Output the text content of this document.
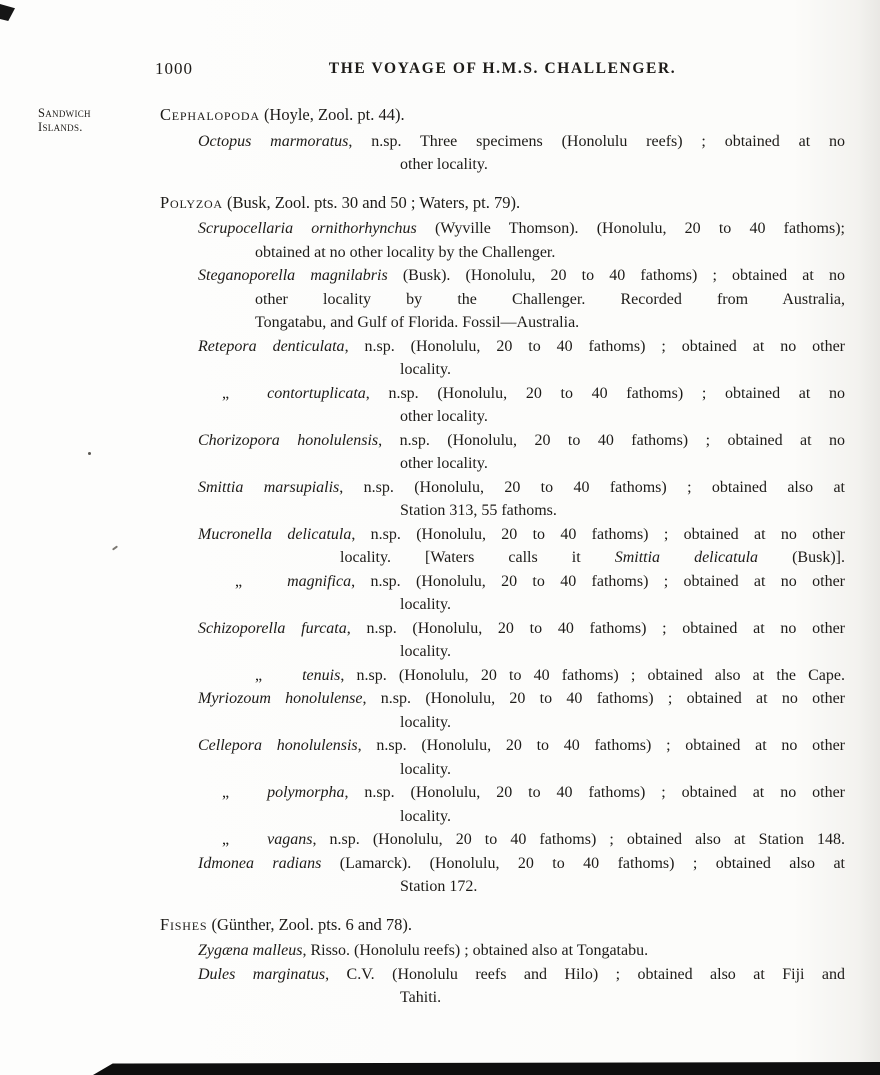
1000	THE VOYAGE OF H.M.S. CHALLENGER.
Sandwich
Islands.
Cephalopoda (Hoyle, Zool. pt. 44).
Octopus marmoratus, n.sp. Three specimens (Honolulu reefs) ; obtained at no
other locality.
Polyzoa (Busk, Zool. pts. 30 and 50 ; Waters, pt. 79).
Scrupocellaria ornithorhynchus (Wyville Thomson). (Honolulu, 20 to 40 fathoms);
obtained at no other locality by the Challenger.
Steganoporella magnilabris (Busk). (Honolulu, 20 to 40 fathoms) ; obtained at no
other locality by the Challenger. Recorded from Australia,
Tongatabu, and Gulf of Florida. Fossil—Australia.
Retepora denticulata, n.sp. (Honolulu, 20 to 40 fathoms) ; obtained at no other
locality.
„ contortuplicata, n.sp. (Honolulu, 20 to 40 fathoms) ; obtained at no
other locality.
Chorizopora honolulensis, n.sp. (Honolulu, 20 to 40 fathoms) ; obtained at no
other locality.
Smittia marsupialis, n.sp. (Honolulu, 20 to 40 fathoms) ; obtained also at
Station 313, 55 fathoms.
Mucronella delicatula, n.sp. (Honolulu, 20 to 40 fathoms) ; obtained at no other
locality. [Waters calls it Smittia delicatula (Busk)].
„	magnifica, n.sp. (Honolulu, 20 to 40 fathoms) ; obtained at no other
locality.
Schizoporella furcata, n.sp. (Honolulu, 20 to 40 fathoms) ; obtained at no other
locality.
„	tenuis, n.sp. (Honolulu, 20 to 40 fathoms) ; obtained also at the Cape.
Myriozoum honolulense, n.sp. (Honolulu, 20 to 40 fathoms) ; obtained at no other
locality.
Cellepora honolulensis, n.sp. (Honolulu, 20 to 40 fathoms) ; obtained at no other
locality.
„ polymorpha, n.sp. (Honolulu, 20 to 40 fathoms) ; obtained at no other
locality.
„ vagans, n.sp. (Honolulu, 20 to 40 fathoms) ; obtained also at Station 148.
Idmonea radians (Lamarck). (Honolulu, 20 to 40 fathoms) ; obtained also at
Station 172.
Fishes (Günther, Zool. pts. 6 and 78).
Zygæna malleus, Risso. (Honolulu reefs) ; obtained also at Tongatabu.
Dules marginatus, C.V. (Honolulu reefs and Hilo) ; obtained also at Fiji and
Tahiti.
